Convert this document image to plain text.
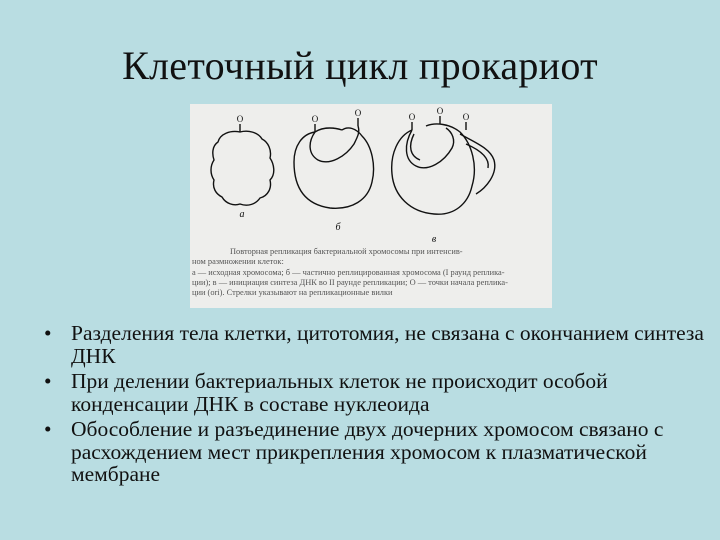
Клеточный цикл прокариот
O	O
O	O
O
O
а
б
в
Повторная репликация бактериальной хромосомы при интенсив-
ном размножении клеток:
а — исходная хромосома; б — частично реплицированная хромосома (I раунд реплика-
ции); в — инициация синтеза ДНК во II раунде репликации; O — точки начала реплика-
ции (ori). Стрелки указывают на репликационные вилки
• Разделения тела клетки, цитотомия, не связана с окончанием синтеза ДНК
• При делении бактериальных клеток не происходит особой конденсации ДНК в составе нуклеоида
• Обособление и разъединение двух дочерних хромосом связано с расхождением мест прикрепления хромосом к плазматической мембране
